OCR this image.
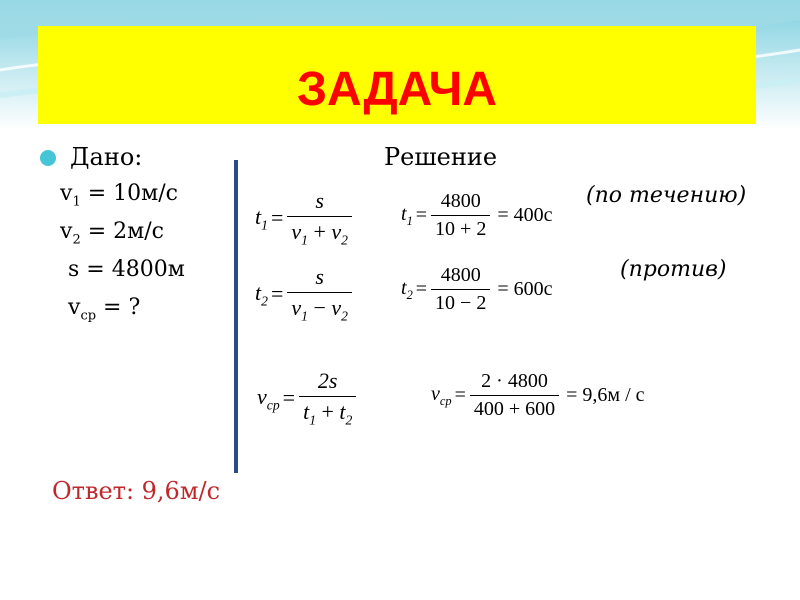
ЗАДАЧА
Дано:
$v_1 = 10м/с$
$v_2 = 2м/с$
s = 4800м
$v_{ср}$ = ?
Решение
(по течению)
(против)
$t_1 = \frac{s}{v_1 + v_2} t_1 = \frac{4800}{10 + 2} = 400c$
$t_2 = \frac{s}{v_1 - v_2} t_2 = \frac{4800}{10 - 2} = 600c$
$v_{cp} = \frac{2s}{t_1 + t_2}$	$v_{cp} = \frac{2 \cdot 4800}{400 + 600} = 9,6м / с$
Ответ: 9,6м/с
